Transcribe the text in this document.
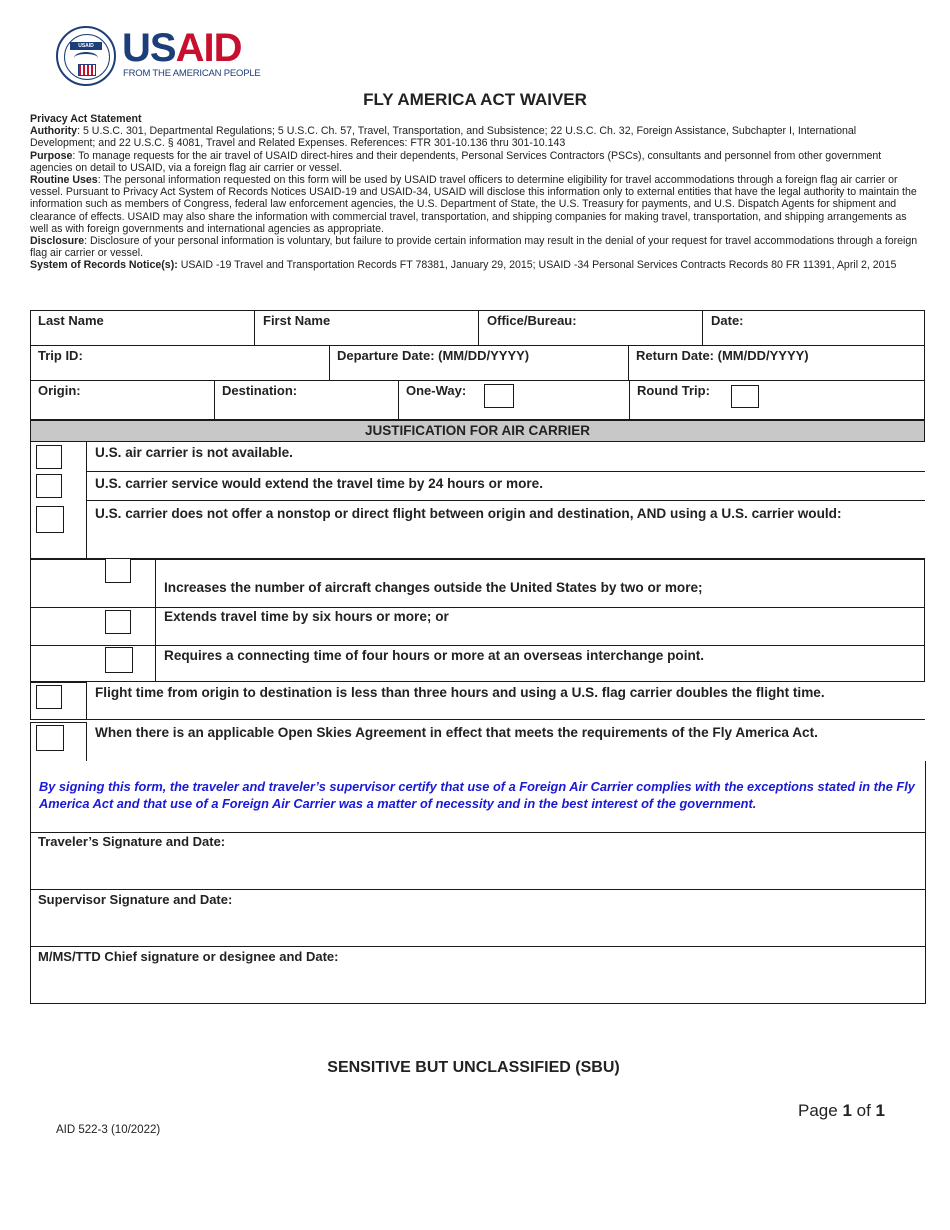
USAID USAID
FROM THE AMERICAN PEOPLE
FLY AMERICA ACT WAIVER

Privacy Act Statement

Authority: 5 U.S.C. 301, Departmental Regulations; 5 U.S.C. Ch. 57, Travel, Transportation, and Subsistence; 22 U.S.C. Ch. 32, Foreign Assistance, Subchapter I, International Development; and 22 U.S.C. § 4081, Travel and Related Expenses. References: FTR 301-10.136 thru 301-10.143

Purpose: To manage requests for the air travel of USAID direct-hires and their dependents, Personal Services Contractors (PSCs), consultants and personnel from other government agencies on detail to USAID, via a foreign flag air carrier or vessel.

Routine Uses: The personal information requested on this form will be used by USAID travel officers to determine eligibility for travel accommodations through a foreign flag air carrier or vessel. Pursuant to Privacy Act System of Records Notices USAID-19 and USAID-34, USAID will disclose this information only to external entities that have the legal authority to maintain the information such as members of Congress, federal law enforcement agencies, the U.S. Department of State, the U.S. Treasury for payments, and U.S. Dispatch Agents for shipment and clearance of effects. USAID may also share the information with commercial travel, transportation, and shipping companies for making travel, transportation, and shipping arrangements as well as with foreign governments and international agencies as appropriate.

Disclosure: Disclosure of your personal information is voluntary, but failure to provide certain information may result in the denial of your request for travel accommodations through a foreign flag air carrier or vessel.

System of Records Notice(s): USAID -19 Travel and Transportation Records FT 78381, January 29, 2015; USAID -34 Personal Services Contracts Records 80 FR 11391, April 2, 2015

Last Name	First Name	Office/Bureau:	Date:
Trip ID:	Departure Date: (MM/DD/YYYY)	Return Date: (MM/DD/YYYY)
Origin:	Destination:	One-Way:	Round Trip:
JUSTIFICATION FOR AIR CARRIER
U.S. air carrier is not available.
U.S. carrier service would extend the travel time by 24 hours or more.
U.S. carrier does not offer a nonstop or direct flight between origin and destination, AND using a U.S. carrier would:
Increases the number of aircraft changes outside the United States by two or more;
Extends travel time by six hours or more; or
Requires a connecting time of four hours or more at an overseas interchange point.
Flight time from origin to destination is less than three hours and using a U.S. flag carrier doubles the flight time.
When there is an applicable Open Skies Agreement in effect that meets the requirements of the Fly America Act.
By signing this form, the traveler and traveler’s supervisor certify that use of a Foreign Air Carrier complies with the exceptions stated in the Fly America Act and that use of a Foreign Air Carrier was a matter of necessity and in the best interest of the government.
Traveler’s Signature and Date:
Supervisor Signature and Date:
M/MS/TTD Chief signature or designee and Date:
SENSITIVE BUT UNCLASSIFIED (SBU)
Page 1 of 1
AID 522-3 (10/2022)
